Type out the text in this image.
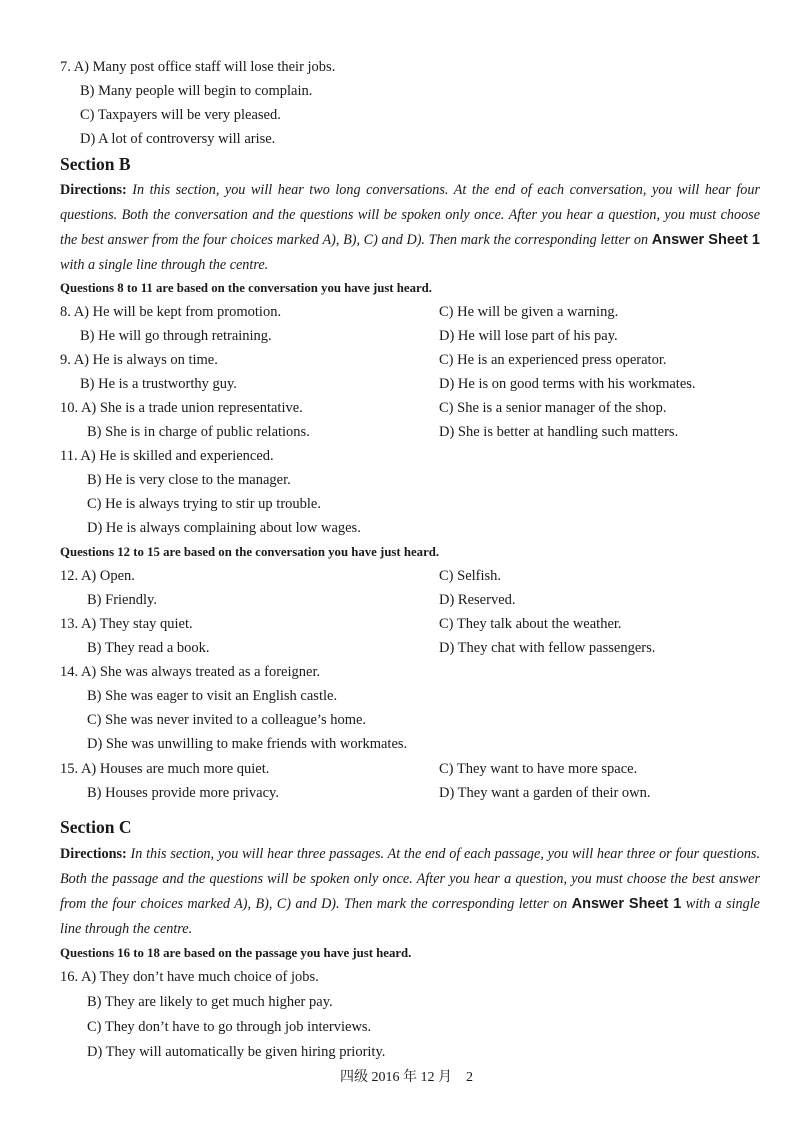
7. A) Many post office staff will lose their jobs.
B) Many people will begin to complain.
C) Taxpayers will be very pleased.
D) A lot of controversy will arise.
Section B
Directions: In this section, you will hear two long conversations. At the end of each conversation, you will hear four questions. Both the conversation and the questions will be spoken only once. After you hear a question, you must choose the best answer from the four choices marked A), B), C) and D). Then mark the corresponding letter on Answer Sheet 1 with a single line through the centre.
Questions 8 to 11 are based on the conversation you have just heard.
8. A) He will be kept from promotion.	C) He will be given a warning.
B) He will go through retraining.	D) He will lose part of his pay.
9. A) He is always on time.	C) He is an experienced press operator.
B) He is a trustworthy guy.	D) He is on good terms with his workmates.
10. A) She is a trade union representative.	C) She is a senior manager of the shop.
B) She is in charge of public relations.	D) She is better at handling such matters.
11. A) He is skilled and experienced.
B) He is very close to the manager.
C) He is always trying to stir up trouble.
D) He is always complaining about low wages.
Questions 12 to 15 are based on the conversation you have just heard.
12. A) Open.	C) Selfish.
B) Friendly.	D) Reserved.
13. A) They stay quiet.	C) They talk about the weather.
B) They read a book.	D) They chat with fellow passengers.
14. A) She was always treated as a foreigner.
B) She was eager to visit an English castle.
C) She was never invited to a colleague’s home.
D) She was unwilling to make friends with workmates.
15. A) Houses are much more quiet.	C) They want to have more space.
B) Houses provide more privacy.	D) They want a garden of their own.
Section C
Directions: In this section, you will hear three passages. At the end of each passage, you will hear three or four questions. Both the passage and the questions will be spoken only once. After you hear a question, you must choose the best answer from the four choices marked A), B), C) and D). Then mark the corresponding letter on Answer Sheet 1 with a single line through the centre.
Questions 16 to 18 are based on the passage you have just heard.
16. A) They don’t have much choice of jobs.
B) They are likely to get much higher pay.
C) They don’t have to go through job interviews.
D) They will automatically be given hiring priority.
四级 2016 年 12 月 2
